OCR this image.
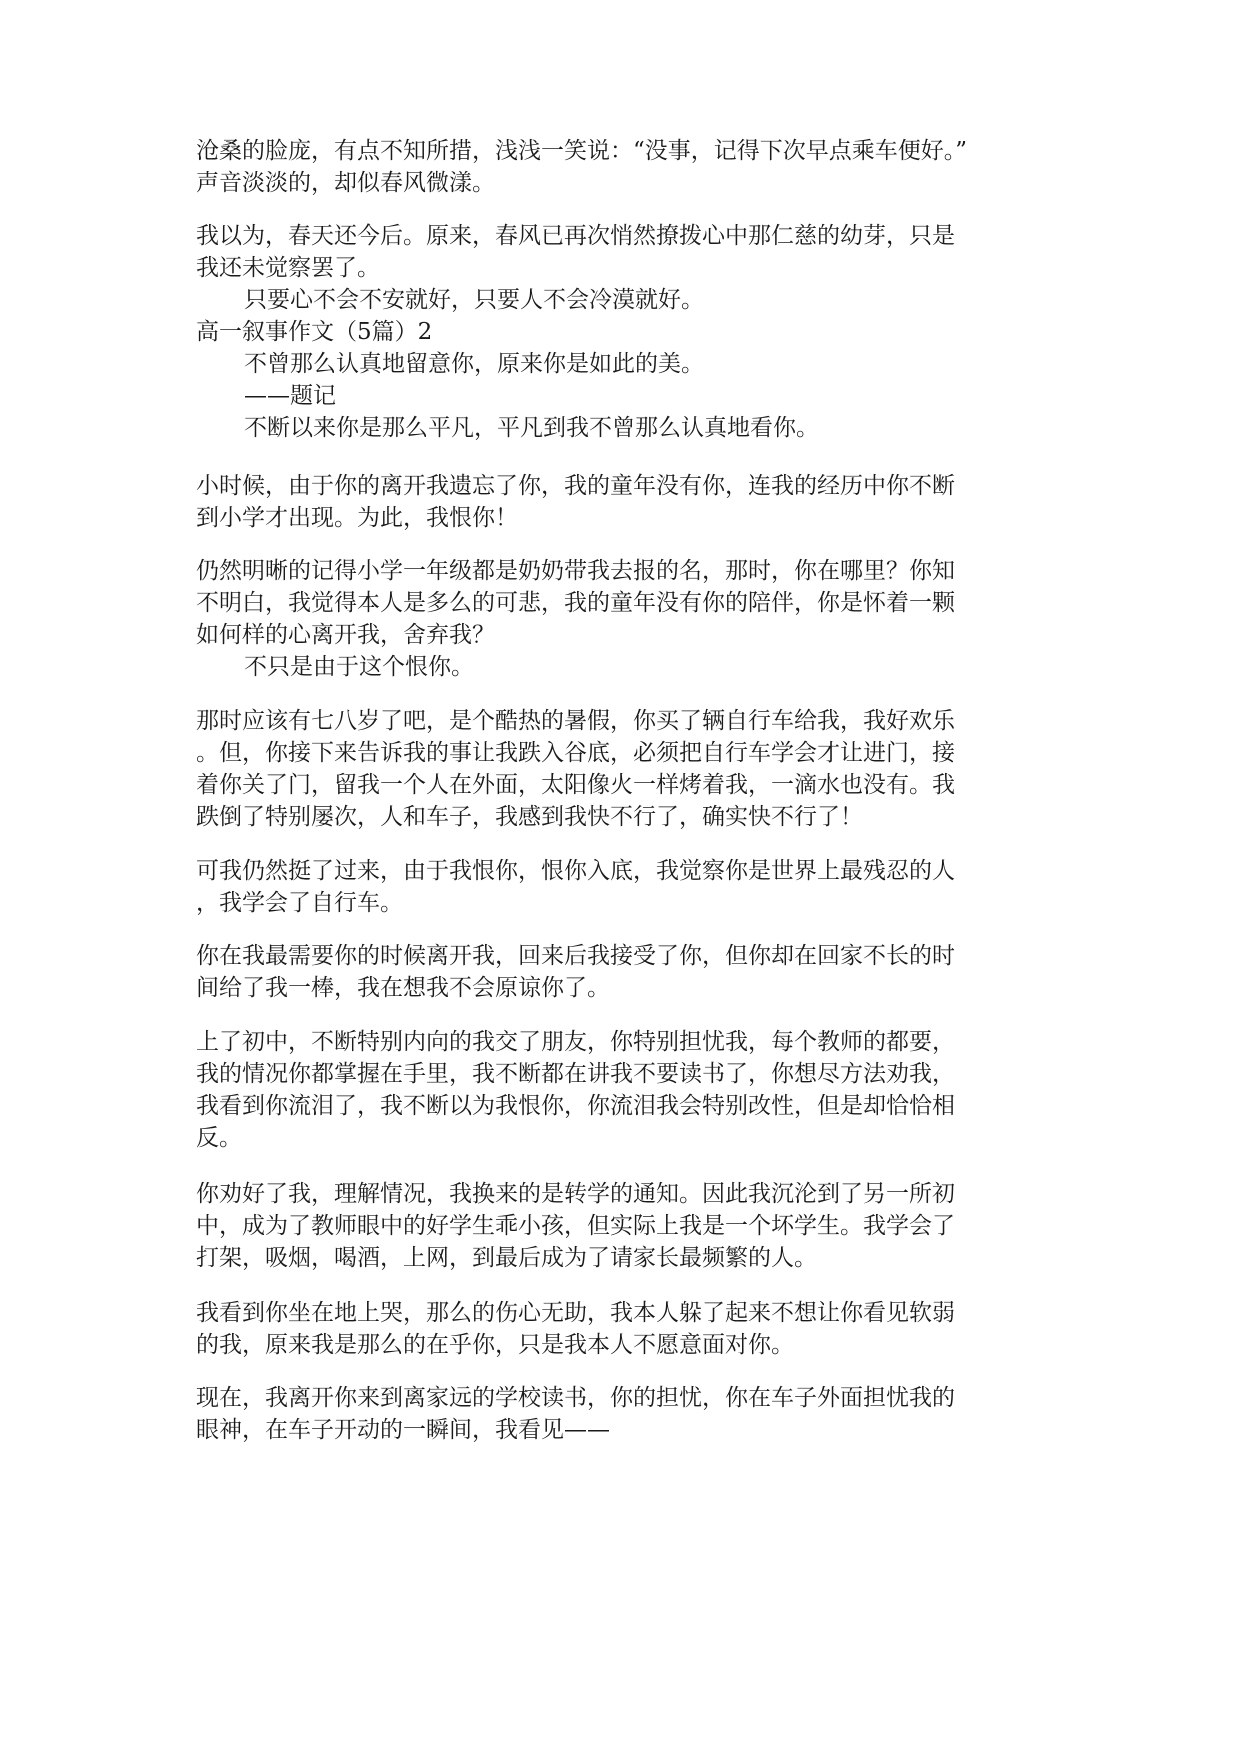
沧桑的脸庞，有点不知所措，浅浅一笑说：“没事，记得下次早点乘车便好。”
声音淡淡的，却似春风微漾。
我以为，春天还今后。原来，春风已再次悄然撩拨心中那仁慈的幼芽，只是
我还未觉察罢了。
只要心不会不安就好，只要人不会冷漠就好。
高一叙事作文（5篇）2
不曾那么认真地留意你，原来你是如此的美。
——题记
不断以来你是那么平凡，平凡到我不曾那么认真地看你。
小时候，由于你的离开我遗忘了你，我的童年没有你，连我的经历中你不断
到小学才出现。为此，我恨你！
仍然明晰的记得小学一年级都是奶奶带我去报的名，那时，你在哪里？你知
不明白，我觉得本人是多么的可悲，我的童年没有你的陪伴，你是怀着一颗
如何样的心离开我，舍弃我？
不只是由于这个恨你。
那时应该有七八岁了吧，是个酷热的暑假，你买了辆自行车给我，我好欢乐
。但，你接下来告诉我的事让我跌入谷底，必须把自行车学会才让进门，接
着你关了门，留我一个人在外面，太阳像火一样烤着我，一滴水也没有。我
跌倒了特别屡次，人和车子，我感到我快不行了，确实快不行了！
可我仍然挺了过来，由于我恨你，恨你入底，我觉察你是世界上最残忍的人
，我学会了自行车。
你在我最需要你的时候离开我，回来后我接受了你，但你却在回家不长的时
间给了我一棒，我在想我不会原谅你了。
上了初中，不断特别内向的我交了朋友，你特别担忧我，每个教师的都要，
我的情况你都掌握在手里，我不断都在讲我不要读书了，你想尽方法劝我，
我看到你流泪了，我不断以为我恨你，你流泪我会特别改性，但是却恰恰相
反。
你劝好了我，理解情况，我换来的是转学的通知。因此我沉沦到了另一所初
中，成为了教师眼中的好学生乖小孩，但实际上我是一个坏学生。我学会了
打架，吸烟，喝酒，上网，到最后成为了请家长最频繁的人。
我看到你坐在地上哭，那么的伤心无助，我本人躲了起来不想让你看见软弱
的我，原来我是那么的在乎你，只是我本人不愿意面对你。
现在，我离开你来到离家远的学校读书，你的担忧，你在车子外面担忧我的
眼神，在车子开动的一瞬间，我看见——
